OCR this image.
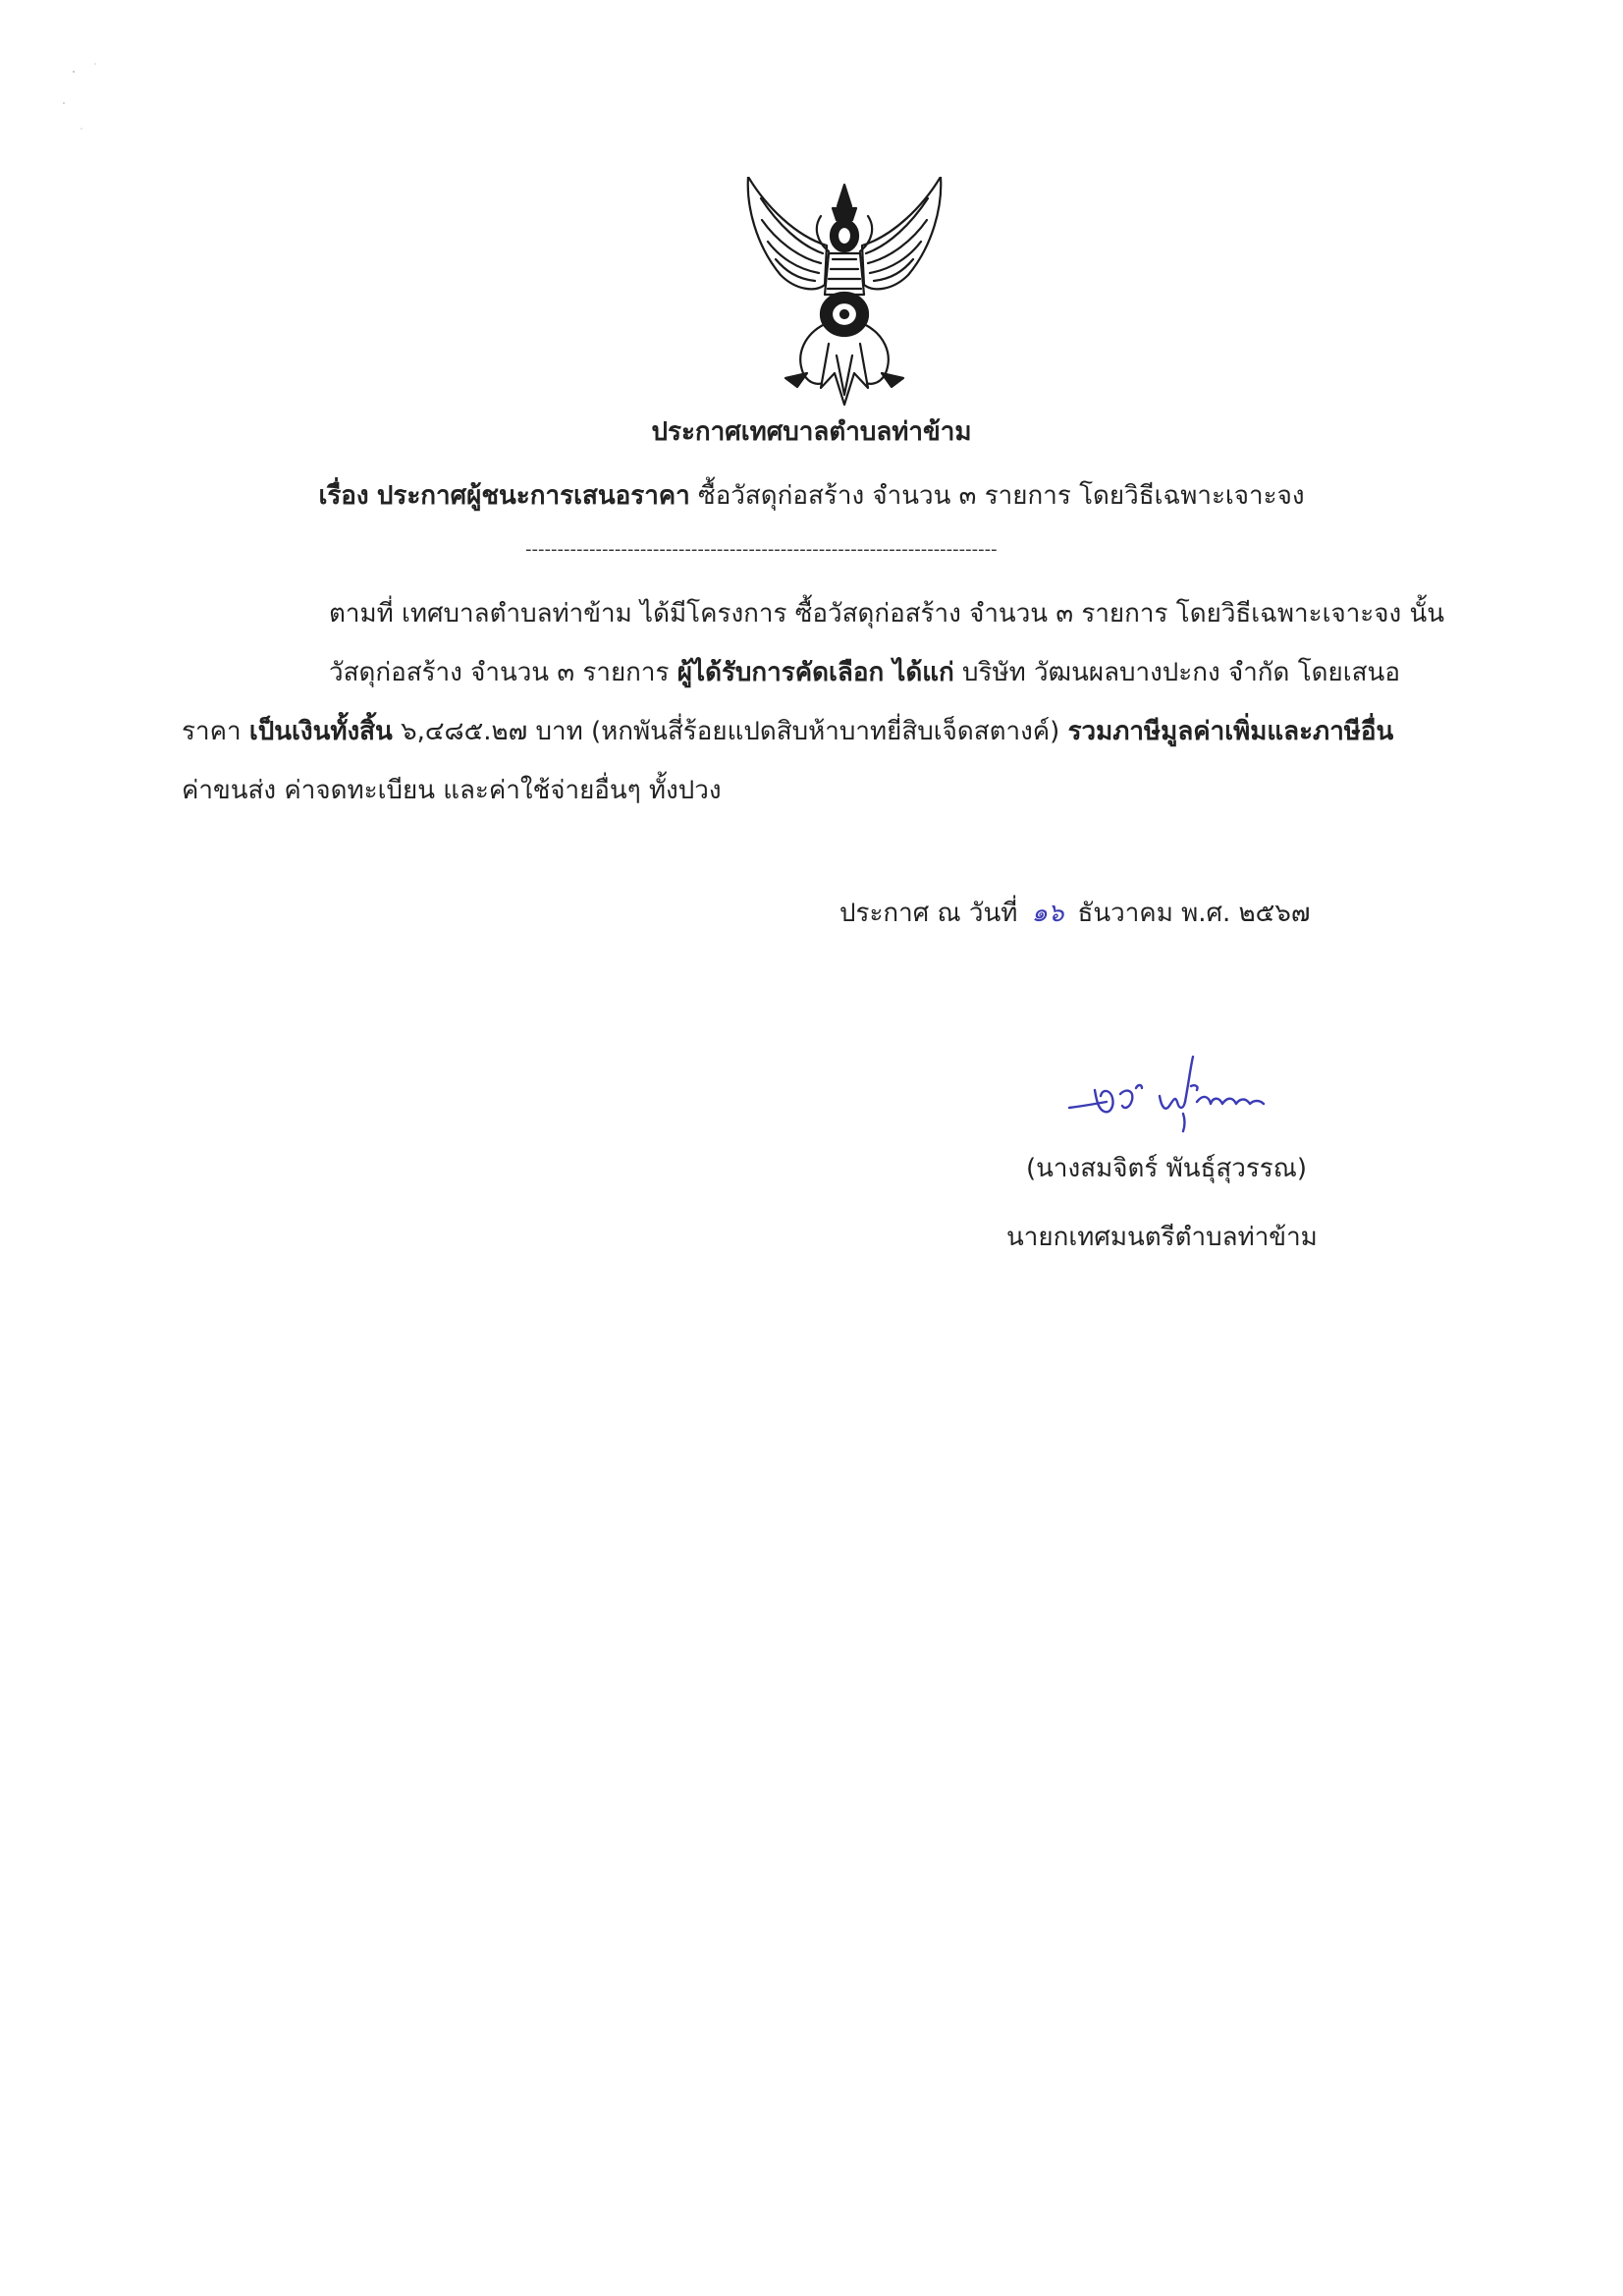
ประกาศเทศบาลตำบลท่าข้าม
เรื่อง ประกาศผู้ชนะการเสนอราคา ซื้อวัสดุก่อสร้าง จำนวน ๓ รายการ โดยวิธีเฉพาะเจาะจง
--------------------------------------------------------------------------
ตามที่ เทศบาลตำบลท่าข้าม ได้มีโครงการ ซื้อวัสดุก่อสร้าง จำนวน ๓ รายการ โดยวิธีเฉพาะเจาะจง นั้น
วัสดุก่อสร้าง จำนวน ๓ รายการ ผู้ได้รับการคัดเลือก ได้แก่ บริษัท วัฒนผลบางปะกง จำกัด โดยเสนอ
ราคา เป็นเงินทั้งสิ้น ๖,๔๘๕.๒๗ บาท (หกพันสี่ร้อยแปดสิบห้าบาทยี่สิบเจ็ดสตางค์) รวมภาษีมูลค่าเพิ่มและภาษีอื่น
ค่าขนส่ง ค่าจดทะเบียน และค่าใช้จ่ายอื่นๆ ทั้งปวง
ประกาศ ณ วันที่ ๑๖ ธันวาคม พ.ศ. ๒๕๖๗
(นางสมจิตร์ พันธุ์สุวรรณ)
นายกเทศมนตรีตำบลท่าข้าม
